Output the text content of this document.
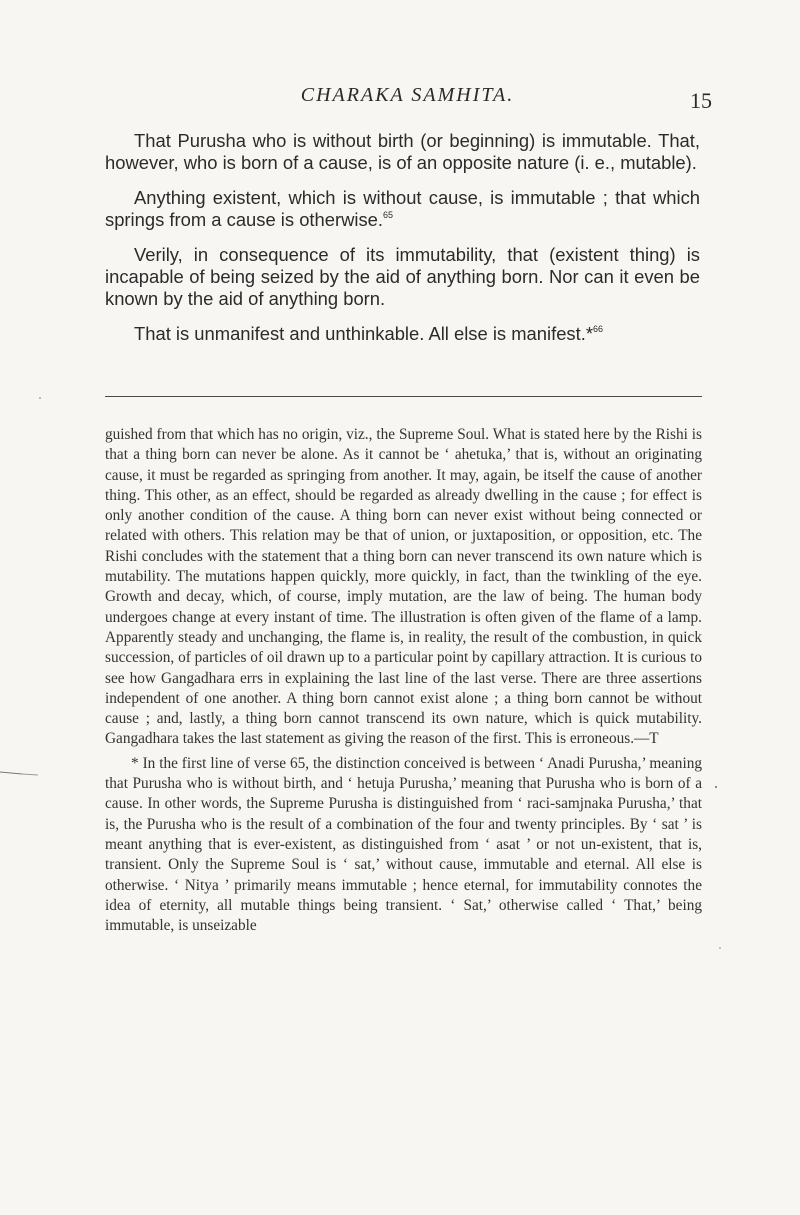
CHARAKA SAMHITA.	15

That Purusha who is without birth (or beginning) is immutable. That, however, who is born of a cause, is of an opposite nature (i. e., mutable).

Anything existent, which is without cause, is immutable ; that which springs from a cause is otherwise.$^{65}$

Verily, in consequence of its immutability, that (existent thing) is incapable of being seized by the aid of anything born. Nor can it even be known by the aid of anything born.

That is unmanifest and unthinkable. All else is manifest.*$^{66}$

guished from that which has no origin, viz., the Supreme Soul. What is stated here by the Rishi is that a thing born can never be alone. As it cannot be ‘ ahetuka,’ that is, without an originating cause, it must be regarded as springing from another. It may, again, be itself the cause of another thing. This other, as an effect, should be regarded as already dwelling in the cause ; for effect is only another condition of the cause. A thing born can never exist without being connected or related with others. This relation may be that of union, or juxtaposition, or opposition, etc. The Rishi concludes with the statement that a thing born can never transcend its own nature which is mutability. The mutations happen quickly, more quickly, in fact, than the twinkling of the eye. Growth and decay, which, of course, imply mutation, are the law of being. The human body undergoes change at every instant of time. The illustration is often given of the flame of a lamp. Apparently steady and unchanging, the flame is, in reality, the result of the combustion, in quick succession, of particles of oil drawn up to a particular point by capillary attraction. It is curious to see how Gangadhara errs in explaining the last line of the last verse. There are three assertions independent of one another. A thing born cannot exist alone ; a thing born cannot be without cause ; and, lastly, a thing born cannot transcend its own nature, which is quick mutability. Gangadhara takes the last statement as giving the reason of the first. This is erroneous.—T

* In the first line of verse 65, the distinction conceived is between ‘ Anadi Purusha,’ meaning that Purusha who is without birth, and ‘ hetuja Purusha,’ meaning that Purusha who is born of a cause. In other words, the Supreme Purusha is distinguished from ‘ raci-samjnaka Purusha,’ that is, the Purusha who is the result of a combination of the four and twenty principles. By ‘ sat ’ is meant anything that is ever-existent, as distinguished from ‘ asat ’ or not un-existent, that is, transient. Only the Supreme Soul is ‘ sat,’ without cause, immutable and eternal. All else is otherwise. ‘ Nitya ’ primarily means immutable ; hence eternal, for immutability connotes the idea of eternity, all mutable things being transient. ‘ Sat,’ otherwise called ‘ That,’ being immutable, is unseizable
